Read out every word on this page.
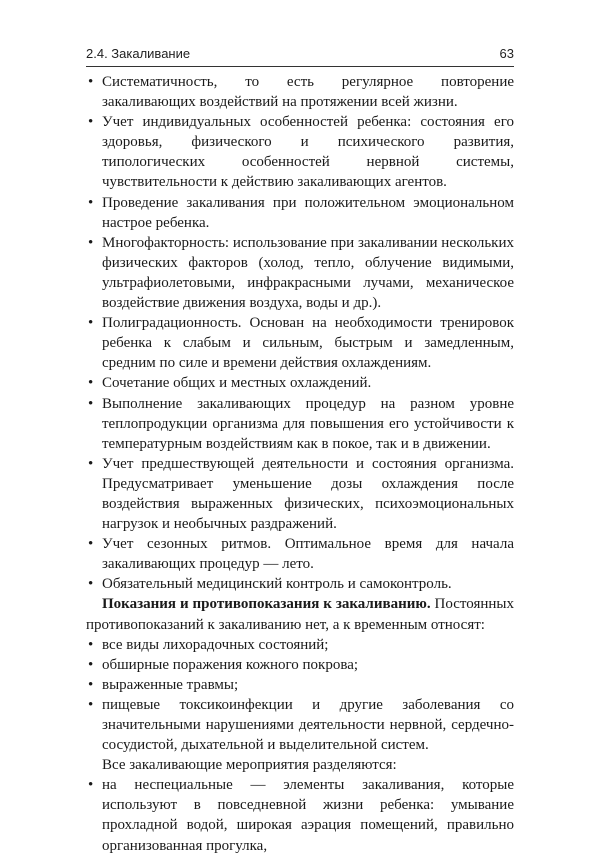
2.4. Закаливание	63
• Систематичность, то есть регулярное повторение закаливающих воздействий на протяжении всей жизни.
• Учет индивидуальных особенностей ребенка: состояния его здоровья, физического и психического развития, типологических особенностей нервной системы, чувствительности к действию закаливающих агентов.
• Проведение закаливания при положительном эмоциональном настрое ребенка.
• Многофакторность: использование при закаливании нескольких физических факторов (холод, тепло, облучение видимыми, ультрафиолетовыми, инфракрасными лучами, механическое воздействие движения воздуха, воды и др.).
• Полиградационность. Основан на необходимости тренировок ребенка к слабым и сильным, быстрым и замедленным, средним по силе и времени действия охлаждениям.
• Сочетание общих и местных охлаждений.
• Выполнение закаливающих процедур на разном уровне теплопродукции организма для повышения его устойчивости к температурным воздействиям как в покое, так и в движении.
• Учет предшествующей деятельности и состояния организма. Предусматривает уменьшение дозы охлаждения после воздействия выраженных физических, психоэмоциональных нагрузок и необычных раздражений.
• Учет сезонных ритмов. Оптимальное время для начала закаливающих процедур — лето.
• Обязательный медицинский контроль и самоконтроль.

Показания и противопоказания к закаливанию. Постоянных противопоказаний к закаливанию нет, а к временным относят:

• все виды лихорадочных состояний;
• обширные поражения кожного покрова;
• выраженные травмы;
• пищевые токсикоинфекции и другие заболевания со значительными нарушениями деятельности нервной, сердечно-сосудистой, дыхательной и выделительной систем.

Все закаливающие мероприятия разделяются:

• на неспециальные — элементы закаливания, которые используют в повседневной жизни ребенка: умывание прохладной водой, широкая аэрация помещений, правильно организованная прогулка,
